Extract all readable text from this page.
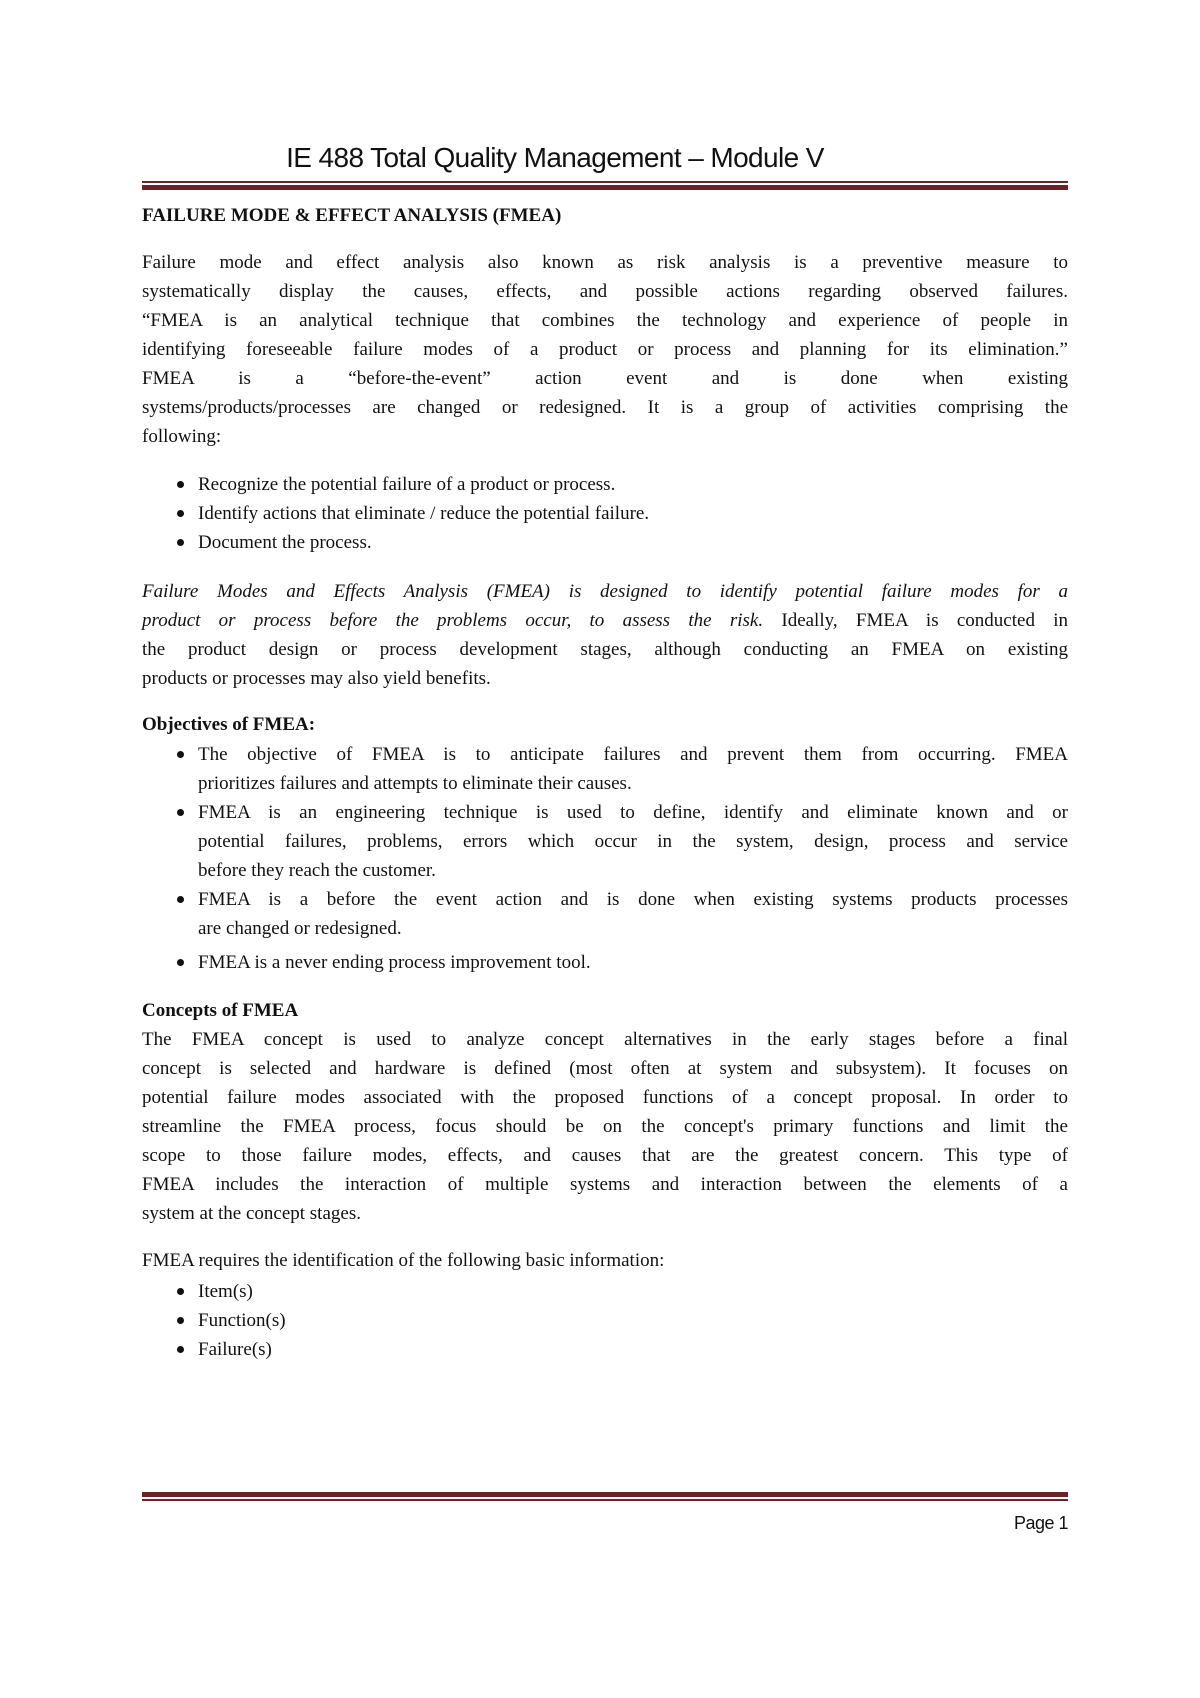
IE 488 Total Quality Management – Module V
FAILURE MODE & EFFECT ANALYSIS (FMEA)
Failure mode and effect analysis also known as risk analysis is a preventive measure to
systematically display the causes, effects, and possible actions regarding observed failures.
“FMEA is an analytical technique that combines the technology and experience of people in
identifying foreseeable failure modes of a product or process and planning for its elimination.”
FMEA is a “before-the-event” action event and is done when existing
systems/products/processes are changed or redesigned. It is a group of activities comprising the
following:
Recognize the potential failure of a product or process.
Identify actions that eliminate / reduce the potential failure.
Document the process.
Failure Modes and Effects Analysis (FMEA) is designed to identify potential failure modes for a
product or process before the problems occur, to assess the risk. Ideally, FMEA is conducted in
the product design or process development stages, although conducting an FMEA on existing
products or processes may also yield benefits.
Objectives of FMEA:
The objective of FMEA is to anticipate failures and prevent them from occurring. FMEA
prioritizes failures and attempts to eliminate their causes.
FMEA is an engineering technique is used to define, identify and eliminate known and or
potential failures, problems, errors which occur in the system, design, process and service
before they reach the customer.
FMEA is a before the event action and is done when existing systems products processes
are changed or redesigned.
FMEA is a never ending process improvement tool.
Concepts of FMEA
The FMEA concept is used to analyze concept alternatives in the early stages before a final
concept is selected and hardware is defined (most often at system and subsystem). It focuses on
potential failure modes associated with the proposed functions of a concept proposal. In order to
streamline the FMEA process, focus should be on the concept's primary functions and limit the
scope to those failure modes, effects, and causes that are the greatest concern. This type of
FMEA includes the interaction of multiple systems and interaction between the elements of a
system at the concept stages.
FMEA requires the identification of the following basic information:
Item(s)
Function(s)
Failure(s)
Page 1
